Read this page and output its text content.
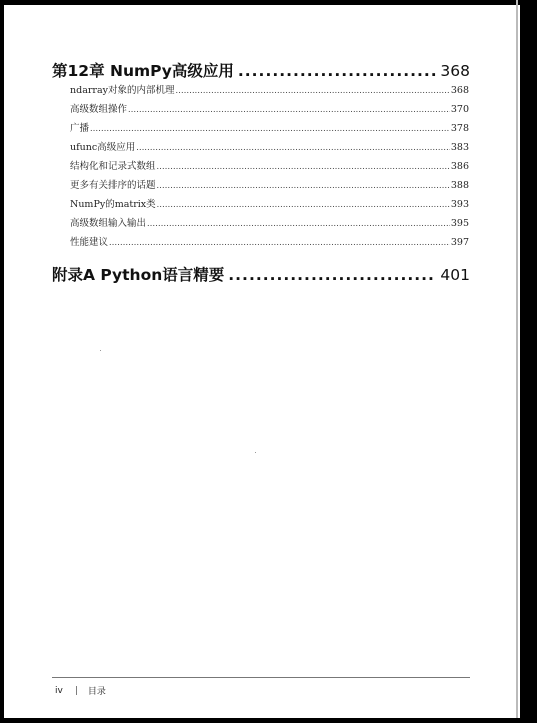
第12章 NumPy高级应用 .....	368
ndarray对象的内部机理 .....	368
高级数组操作 .....	370
广播 .....	378
ufunc高级应用 .....	383
结构化和记录式数组 .....	386
更多有关排序的话题 .....	388
NumPy的matrix类 .....	393
高级数组输入输出 .....	395
性能建议 .....	397
附录A Python语言精要 .....	401
iv | 目录
